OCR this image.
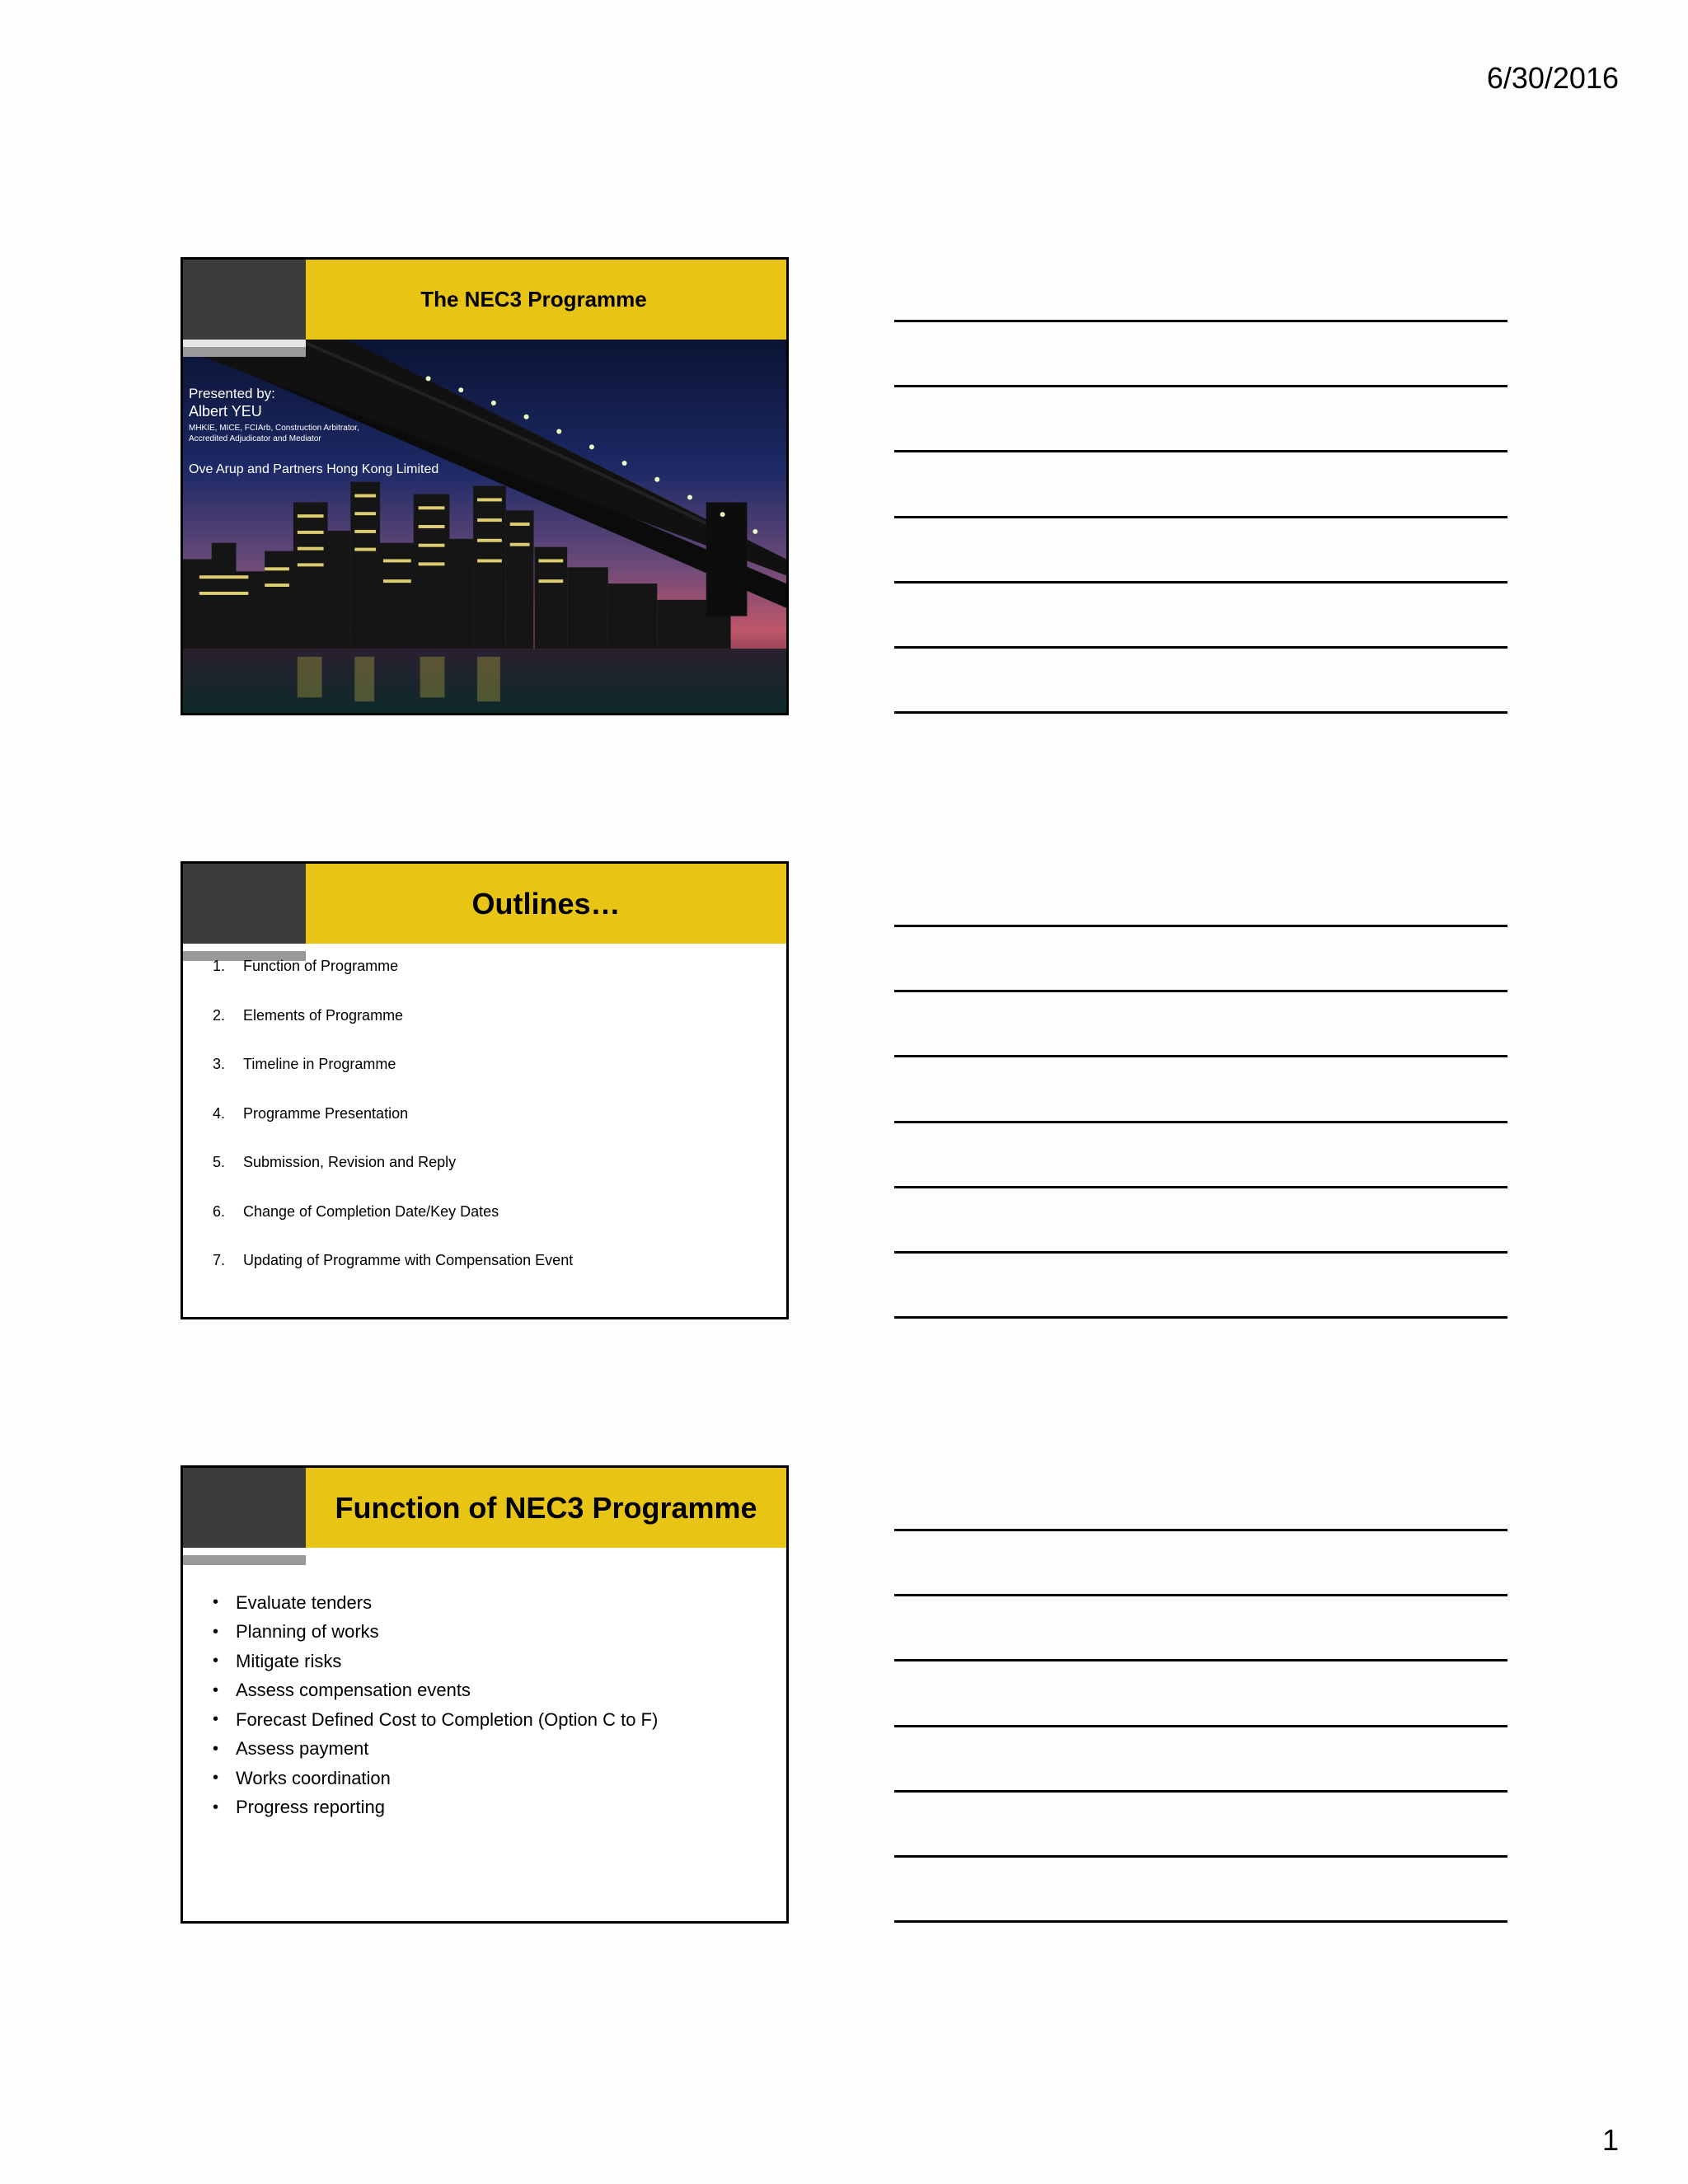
6/30/2016
The NEC3 Programme
Presented by:
Albert YEU
MHKIE, MICE, FCIArb, Construction Arbitrator,
Accredited Adjudicator and Mediator
Ove Arup and Partners Hong Kong Limited
Outlines…
1.	Function of Programme
2.	Elements of Programme
3.	Timeline in Programme
4.	Programme Presentation
5.	Submission, Revision and Reply
6.	Change of Completion Date/Key Dates
7.	Updating of Programme with Compensation Event
Function of NEC3 Programme
• Evaluate tenders
• Planning of works
• Mitigate risks
• Assess compensation events
• Forecast Defined Cost to Completion (Option C to F)
• Assess payment
• Works coordination
• Progress reporting
1
